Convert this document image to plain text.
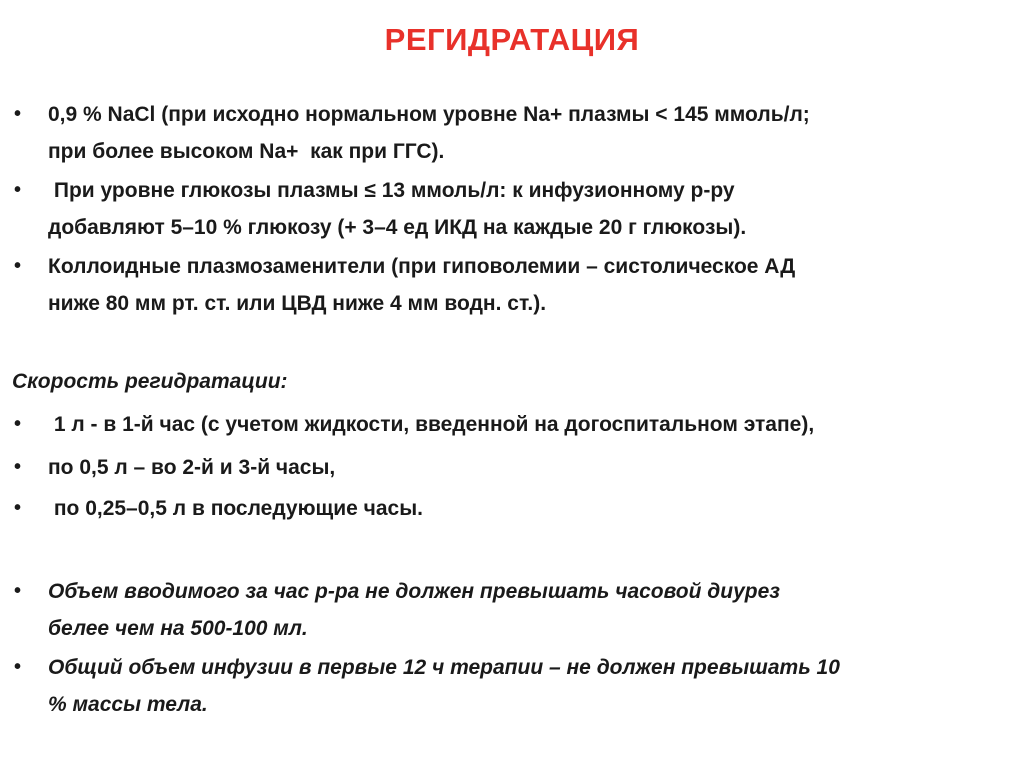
РЕГИДРАТАЦИЯ
•	0,9 % NaCl (при исходно нормальном уровне Na+ плазмы < 145 ммоль/л;
при более высоком Na+  как при ГГС).
•	При уровне глюкозы плазмы ≤ 13 ммоль/л: к инфузионному р-ру
добавляют 5–10 % глюкозу (+ 3–4 ед ИКД на каждые 20 г глюкозы).
•	Коллоидные плазмозаменители (при гиповолемии – систолическое АД
ниже 80 мм рт. ст. или ЦВД ниже 4 мм водн. ст.).
Скорость регидратации:
•	1 л - в 1-й час (с учетом жидкости, введенной на догоспитальном этапе),
•	по 0,5 л – во 2-й и 3-й часы,
•	по 0,25–0,5 л в последующие часы.
•	Объем вводимого за час р-ра не должен превышать часовой диурез
белее чем на 500-100 мл.
•	Общий объем инфузии в первые 12 ч терапии – не должен превышать 10
% массы тела.
